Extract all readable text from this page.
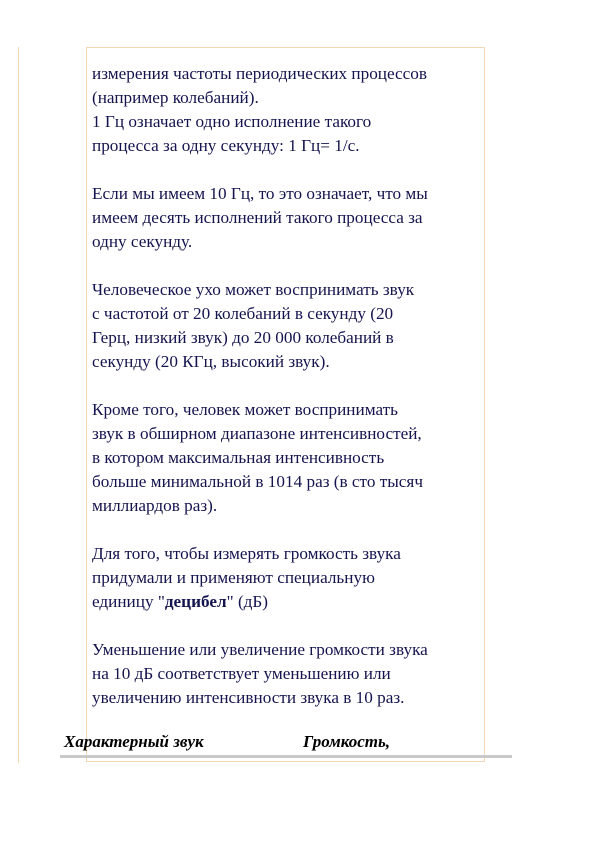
измерения частоты периодических процессов
(например колебаний).
1 Гц означает одно исполнение такого
процесса за одну секунду: 1 Гц= 1/с.

Если мы имеем 10 Гц, то это означает, что мы
имеем десять исполнений такого процесса за
одну секунду.

Человеческое ухо может воспринимать звук
с частотой от 20 колебаний в секунду (20
Герц, низкий звук) до 20 000 колебаний в
секунду (20 КГц, высокий звук).

Кроме того, человек может воспринимать
звук в обширном диапазоне интенсивностей,
в котором максимальная интенсивность
больше минимальной в 1014 раз (в сто тысяч
миллиардов раз).

Для того, чтобы измерять громкость звука
придумали и применяют специальную
единицу "децибел" (дБ)

Уменьшение или увеличение громкости звука
на 10 дБ соответствует уменьшению или
увеличению интенсивности звука в 10 раз.

Характерный звук	Громкость,
